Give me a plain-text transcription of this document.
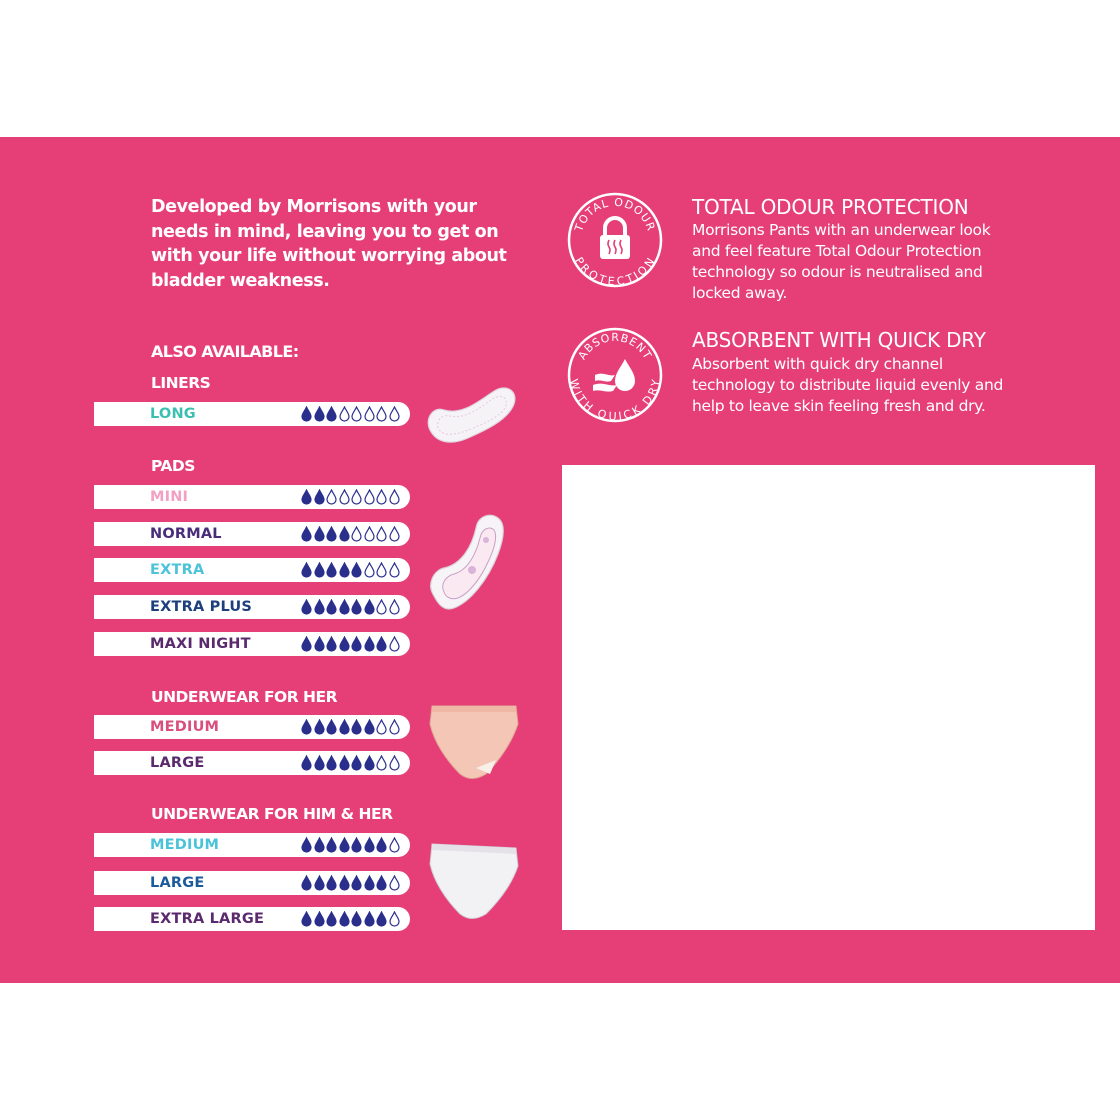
Developed by Morrisons with your needs in mind, leaving you to get on with your life without worrying about bladder weakness.

ALSO AVAILABLE:
LINERS
LONG
PADS
MINI
NORMAL
EXTRA
EXTRA PLUS
MAXI NIGHT
UNDERWEAR FOR HER
MEDIUM
LARGE
UNDERWEAR FOR HIM & HER
MEDIUM
LARGE
EXTRA LARGE
TOTAL ODOUR
PROTECTION
ABSORBENT
WITH QUICK DRY
TOTAL ODOUR PROTECTION

Morrisons Pants with an underwear look and feel feature Total Odour Protection technology so odour is neutralised and locked away.

ABSORBENT WITH QUICK DRY

Absorbent with quick dry channel technology to distribute liquid evenly and help to leave skin feeling fresh and dry.
